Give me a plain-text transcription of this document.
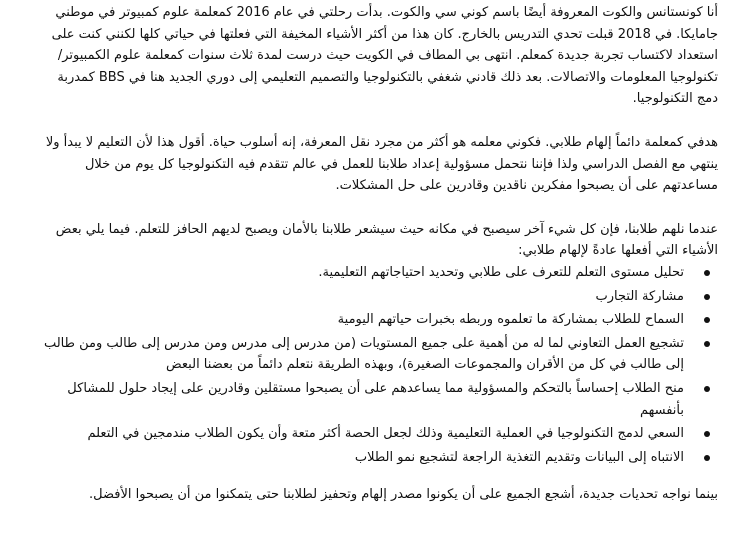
أنا كونستانس والكوت المعروفة أيضًا باسم كوني سي والكوت. بدأت رحلتي في عام 2016 كمعلمة علوم كمبيوتر في موطني جامايكا. في 2018 قبلت تحدي التدريس بالخارج. كان هذا من أكثر الأشياء المخيفة التي فعلتها في حياتي كلها لكنني كنت على استعداد لاكتساب تجربة جديدة كمعلم. انتهى بي المطاف في الكويت حيث درست لمدة ثلاث سنوات كمعلمة علوم الكمبيوتر/ تكنولوجيا المعلومات والاتصالات. بعد ذلك قادني شغفي بالتكنولوجيا والتصميم التعليمي إلى دوري الجديد هنا في BBS كمدربة دمج التكنولوجيا.

هدفي كمعلمة دائماً إلهام طلابي. فكوني معلمه هو أكثر من مجرد نقل المعرفة، إنه أسلوب حياة. أقول هذا لأن التعليم لا يبدأ ولا ينتهي مع الفصل الدراسي ولذا فإننا نتحمل مسؤولية إعداد طلابنا للعمل في عالم تتقدم فيه التكنولوجيا كل يوم من خلال مساعدتهم على أن يصبحوا مفكرين ناقدين وقادرين على حل المشكلات.

عندما نلهم طلابنا، فإن كل شيء آخر سيصبح في مكانه حيث سيشعر طلابنا بالأمان ويصبح لديهم الحافز للتعلم. فيما يلي بعض الأشياء التي أفعلها عادةً لإلهام طلابي:

تحليل مستوى التعلم للتعرف على طلابي وتحديد احتياجاتهم التعليمية.
مشاركة التجارب
السماح للطلاب بمشاركة ما تعلموه وربطه بخبرات حياتهم اليومية
تشجيع العمل التعاوني لما له من أهمية على جميع المستويات (من مدرس إلى مدرس ومن مدرس إلى طالب ومن طالب إلى طالب في كل من الأقران والمجموعات الصغيرة)، وبهذه الطريقة نتعلم دائماً من بعضنا البعض
منح الطلاب إحساساً بالتحكم والمسؤولية مما يساعدهم على أن يصبحوا مستقلين وقادرين على إيجاد حلول للمشاكل بأنفسهم
السعي لدمج التكنولوجيا في العملية التعليمية وذلك لجعل الحصة أكثر متعة وأن يكون الطلاب مندمجين في التعلم
الانتباه إلى البيانات وتقديم التغذية الراجعة لتشجيع نمو الطلاب

بينما نواجه تحديات جديدة، أشجع الجميع على أن يكونوا مصدر إلهام وتحفيز لطلابنا حتى يتمكنوا من أن يصبحوا الأفضل.
